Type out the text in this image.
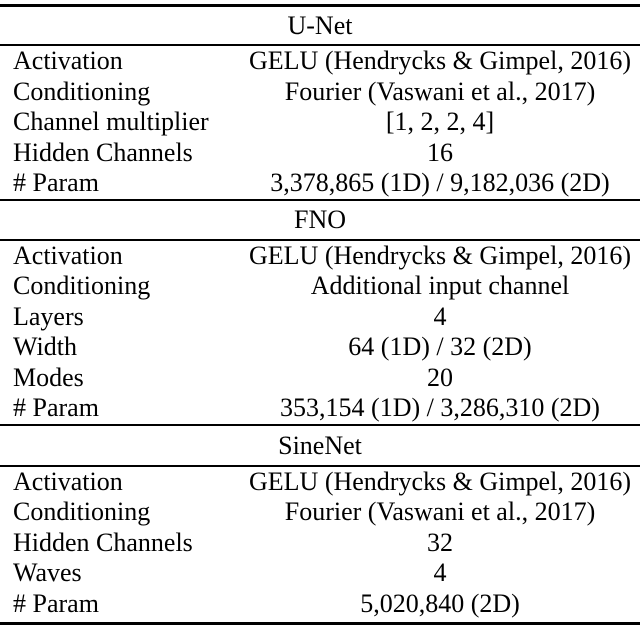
U-Net
Activation	GELU (Hendrycks & Gimpel, 2016)
Conditioning	Fourier (Vaswani et al., 2017)
Channel multiplier	[1, 2, 2, 4]
Hidden Channels	16
# Param	3,378,865 (1D) / 9,182,036 (2D)
FNO
Activation	GELU (Hendrycks & Gimpel, 2016)
Conditioning	Additional input channel
Layers	4
Width	64 (1D) / 32 (2D)
Modes	20
# Param	353,154 (1D) / 3,286,310 (2D)
SineNet
Activation	GELU (Hendrycks & Gimpel, 2016)
Conditioning	Fourier (Vaswani et al., 2017)
Hidden Channels	32
Waves	4
# Param	5,020,840 (2D)
